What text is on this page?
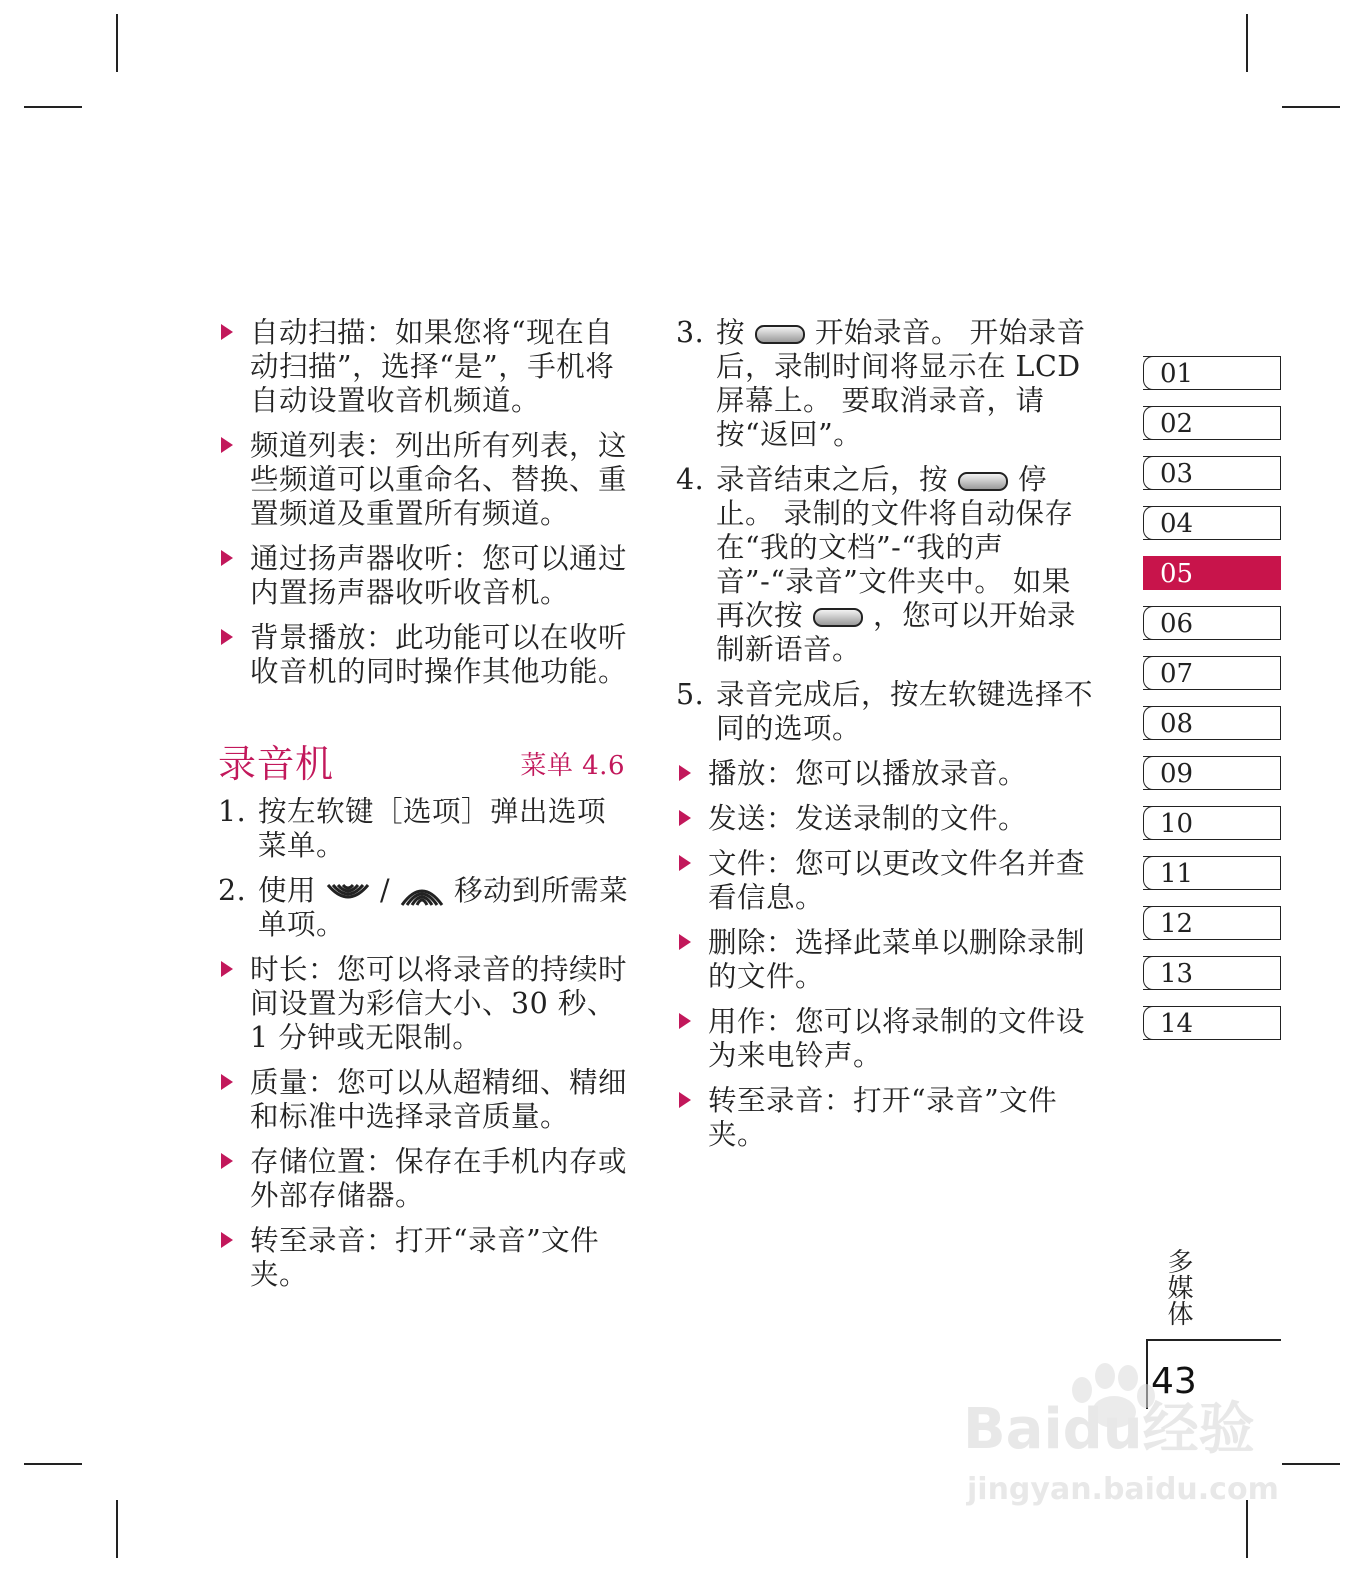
自动扫描：如果您将“现在自动扫描”，选择“是”，手机将自动设置收音机频道。
频道列表：列出所有列表，这些频道可以重命名、替换、重置频道及重置所有频道。
通过扬声器收听：您可以通过内置扬声器收听收音机。
背景播放：此功能可以在收听收音机的同时操作其他功能。
录音机	菜单 4.6
1. 按左软键［选项］弹出选项菜单。
2. 使用 / 移动到所需菜单项。
时长：您可以将录音的持续时间设置为彩信大小、30 秒、 1 分钟或无限制。
质量：您可以从超精细、精细和标准中选择录音质量。
存储位置：保存在手机内存或外部存储器。
转至录音：打开“录音”文件夹。
3. 按 开始录音。 开始录音后，录制时间将显示在 LCD 屏幕上。 要取消录音，请按“返回”。
4. 录音结束之后，按 停止。 录制的文件将自动保存在“我的文档”-“我的声音”-“录音”文件夹中。 如果再次按 ，您可以开始录制新语音。
5. 录音完成后，按左软键选择不同的选项。
播放：您可以播放录音。
发送：发送录制的文件。
文件：您可以更改文件名并查看信息。
删除：选择此菜单以删除录制的文件。
用作：您可以将录制的文件设为来电铃声。
转至录音：打开“录音”文件夹。
01
02
03
04
05
06
07
08
09
10
11
12
13
14
多媒体
Baidu经验
jingyan.baidu.com
43
